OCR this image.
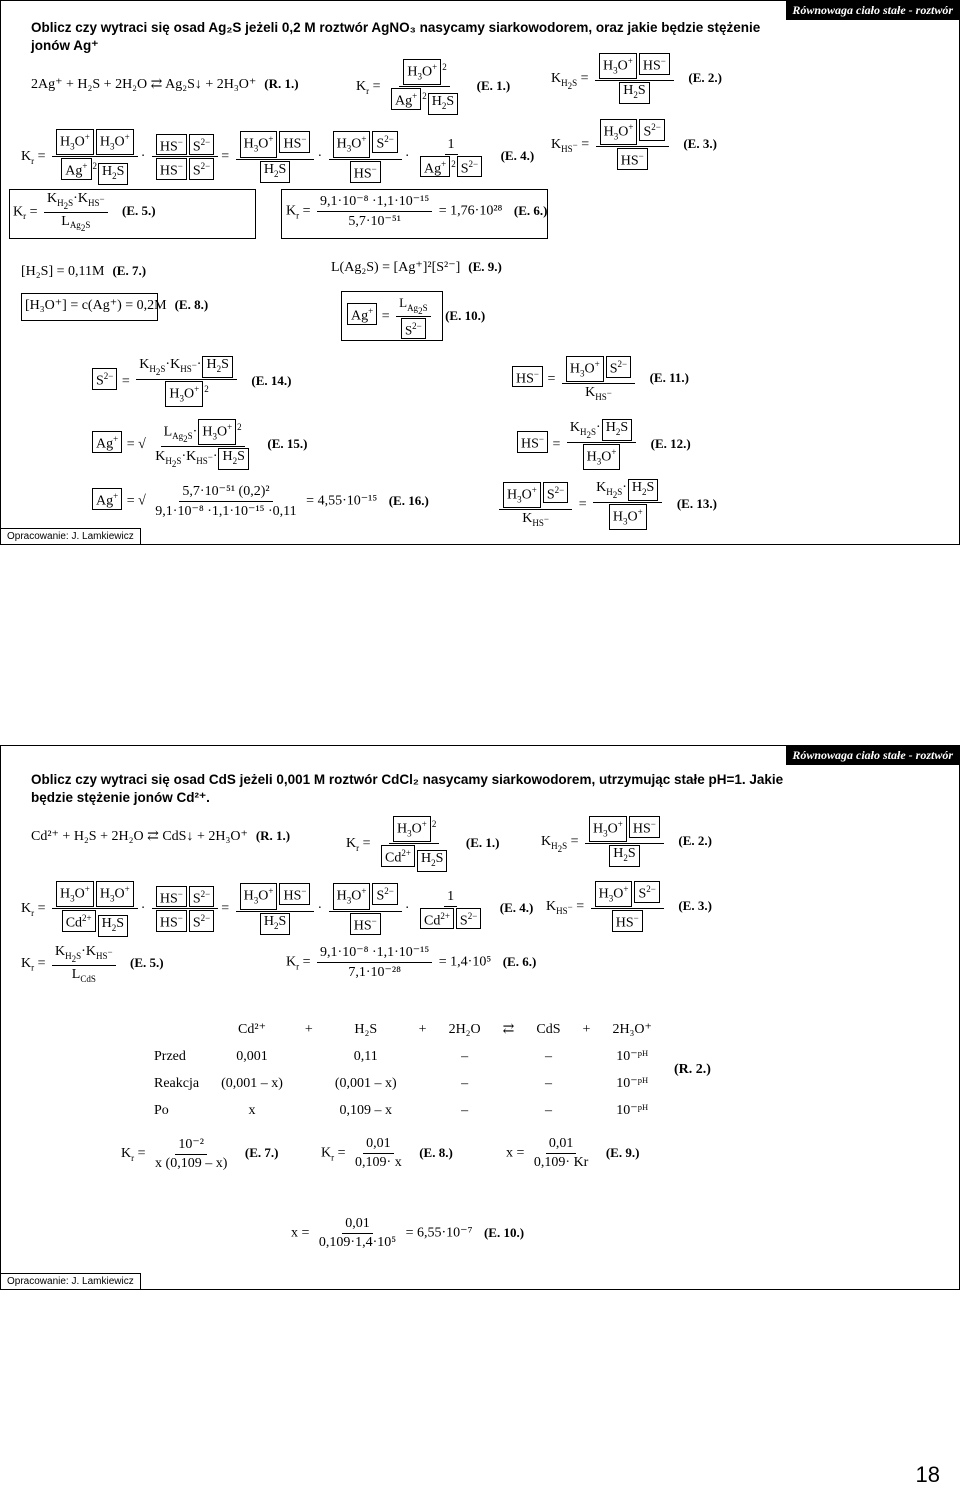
Równowaga ciało stałe - roztwór
Oblicz czy wytraci się osad Ag₂S jeżeli 0,2 M roztwór AgNO₃ nasycamy siarkowodorem, oraz jakie będzie stężenie jonów Ag⁺
2Ag⁺ + H₂S + 2H₂O ⇄ Ag₂S↓ + 2H₃O⁺ (R. 1.)	$K_r = \frac{H_3O^+ ^2}{Ag^+ ^2 H_2S} (E$. 1.)	$K_{H_2S} = \frac{H_3O^+ HS^-}{H_2S} (E$. 2.)
$K_r = \frac{H_3O^+ H_3O^+}{Ag^+ ^2 H_2S} \cdot \frac{HS^- S^{2-}}{HS^- S^{2-}} = \frac{H_3O^+ HS^-}{H_2S} \cdot \frac{H_3O^+ S^{2-}}{HS^-} \cdot \frac{1}{Ag^+ ^2 S^{2-}} (E$. 4.)
$K_{HS^-} = \frac{H_3O^+ S^{2-}}{HS^-} (E$. 3.)
$K_r = \frac{K_{H_2S}\cdot K_{HS^-}}{L_{Ag_2S}} (E$. 5.)	$K_r = \frac{\text{9,1·10⁻⁸ ·1,1·10⁻¹⁵}}{\text{5,7·10⁻⁵¹}} = 1,76\cdot 10^{28}$ (E. 6.)
[H₂S] = 0,11M (E. 7.)	L(Ag₂S) = [Ag⁺]²[S²⁻] (E. 9.)
[H₃O⁺] = c(Ag⁺) = 0,2M (E. 8.)
$Ag^+ = \frac{L_{Ag_2S}}{S^{2-}} (E$. 10.)
$S^{2-} = \frac{K_{H_2S}\cdot K_{HS^-}\cdot H_2S}{H_3O^+ ^2} (E$. 14.)	$HS^- = \frac{H_3O^+ S^{2-}}{K_{HS^-}} (E$. 11.)
Ag+ = √ $\frac{L_{Ag_2S}\cdot H_3O^+ ^2}{K_{H_2S}\cdot K_{HS^-}\cdot H_2S} (E$. 15.)	$HS^- = \frac{K_{H_2S}\cdot H_2S}{H_3O^+} (E$. 12.)
Ag+ = √ $\frac{\text{5,7·10⁻⁵¹ (0,2)²}}{\text{9,1·10⁻⁸ ·1,1·10⁻¹⁵ ·0,11}} = 4,55\cdot 10^{-15}$ (E. 16.)	$\frac{H_3O^+ S^{2-}}{K_{HS^-}} = \frac{K_{H_2S}\cdot H_2S}{H_3O^+} (E$. 13.)
Opracowanie: J. Lamkiewicz
Równowaga ciało stałe - roztwór
Oblicz czy wytraci się osad CdS jeżeli 0,001 M roztwór CdCl₂ nasycamy siarkowodorem, utrzymując stałe pH=1. Jakie będzie stężenie jonów Cd²⁺.
Cd²⁺ + H₂S + 2H₂O ⇄ CdS↓ + 2H₃O⁺ (R. 1.)
$K_r = \frac{H_3O^+ ^2}{Cd^{2+} H_2S} (E$. 1.)	$K_{H_2S} = \frac{H_3O^+ HS^-}{H_2S} (E$. 2.)
$K_r = \frac{H_3O^+ H_3O^+}{Cd^{2+} H_2S} \cdot \frac{HS^- S^{2-}}{HS^- S^{2-}} = \frac{H_3O^+ HS^-}{H_2S} \cdot \frac{H_3O^+ S^{2-}}{HS^-} \cdot \frac{1}{Cd^{2+} S^{2-}} (E$. 4.) $K_{HS^-} = \frac{H_3O^+ S^{2-}}{HS^-} (E$. 3.)
$K_r = \frac{K_{H_2S}\cdot K_{HS^-}}{L_{CdS}} (E$. 5.)	$K_r = \frac{\text{9,1·10⁻⁸ ·1,1·10⁻¹⁵}}{\text{7,1·10⁻²⁸}} = 1,4\cdot 10^5$ (E. 6.)
$K_r = \frac{\text{10⁻²}}{x (0,109 - x)} (E$. 7.)	$K_r = \frac{0,01}{0,109\cdot x} (E$. 8.)	$x = \frac{0,01}{0,109\cdot Kr} (E$. 9.)
$x = \frac{0,01}{\text{0,109·1,4·10⁵}} = 6,55\cdot 10^{-7}$ (E. 10.)
Opracowanie: J. Lamkiewicz
	Cd²⁺	+	H₂S	+	2H₂O	⇄	CdS	+	2H₃O⁺	(R. 2.)
Przed	0,001		0,11		–		–		10⁻ᵖᴴ	
Reakcja	(0,001 – x)		(0,001 – x)		–		–		10⁻ᵖᴴ	
Po	x		0,109 – x		–		–		10⁻ᵖᴴ	
18
